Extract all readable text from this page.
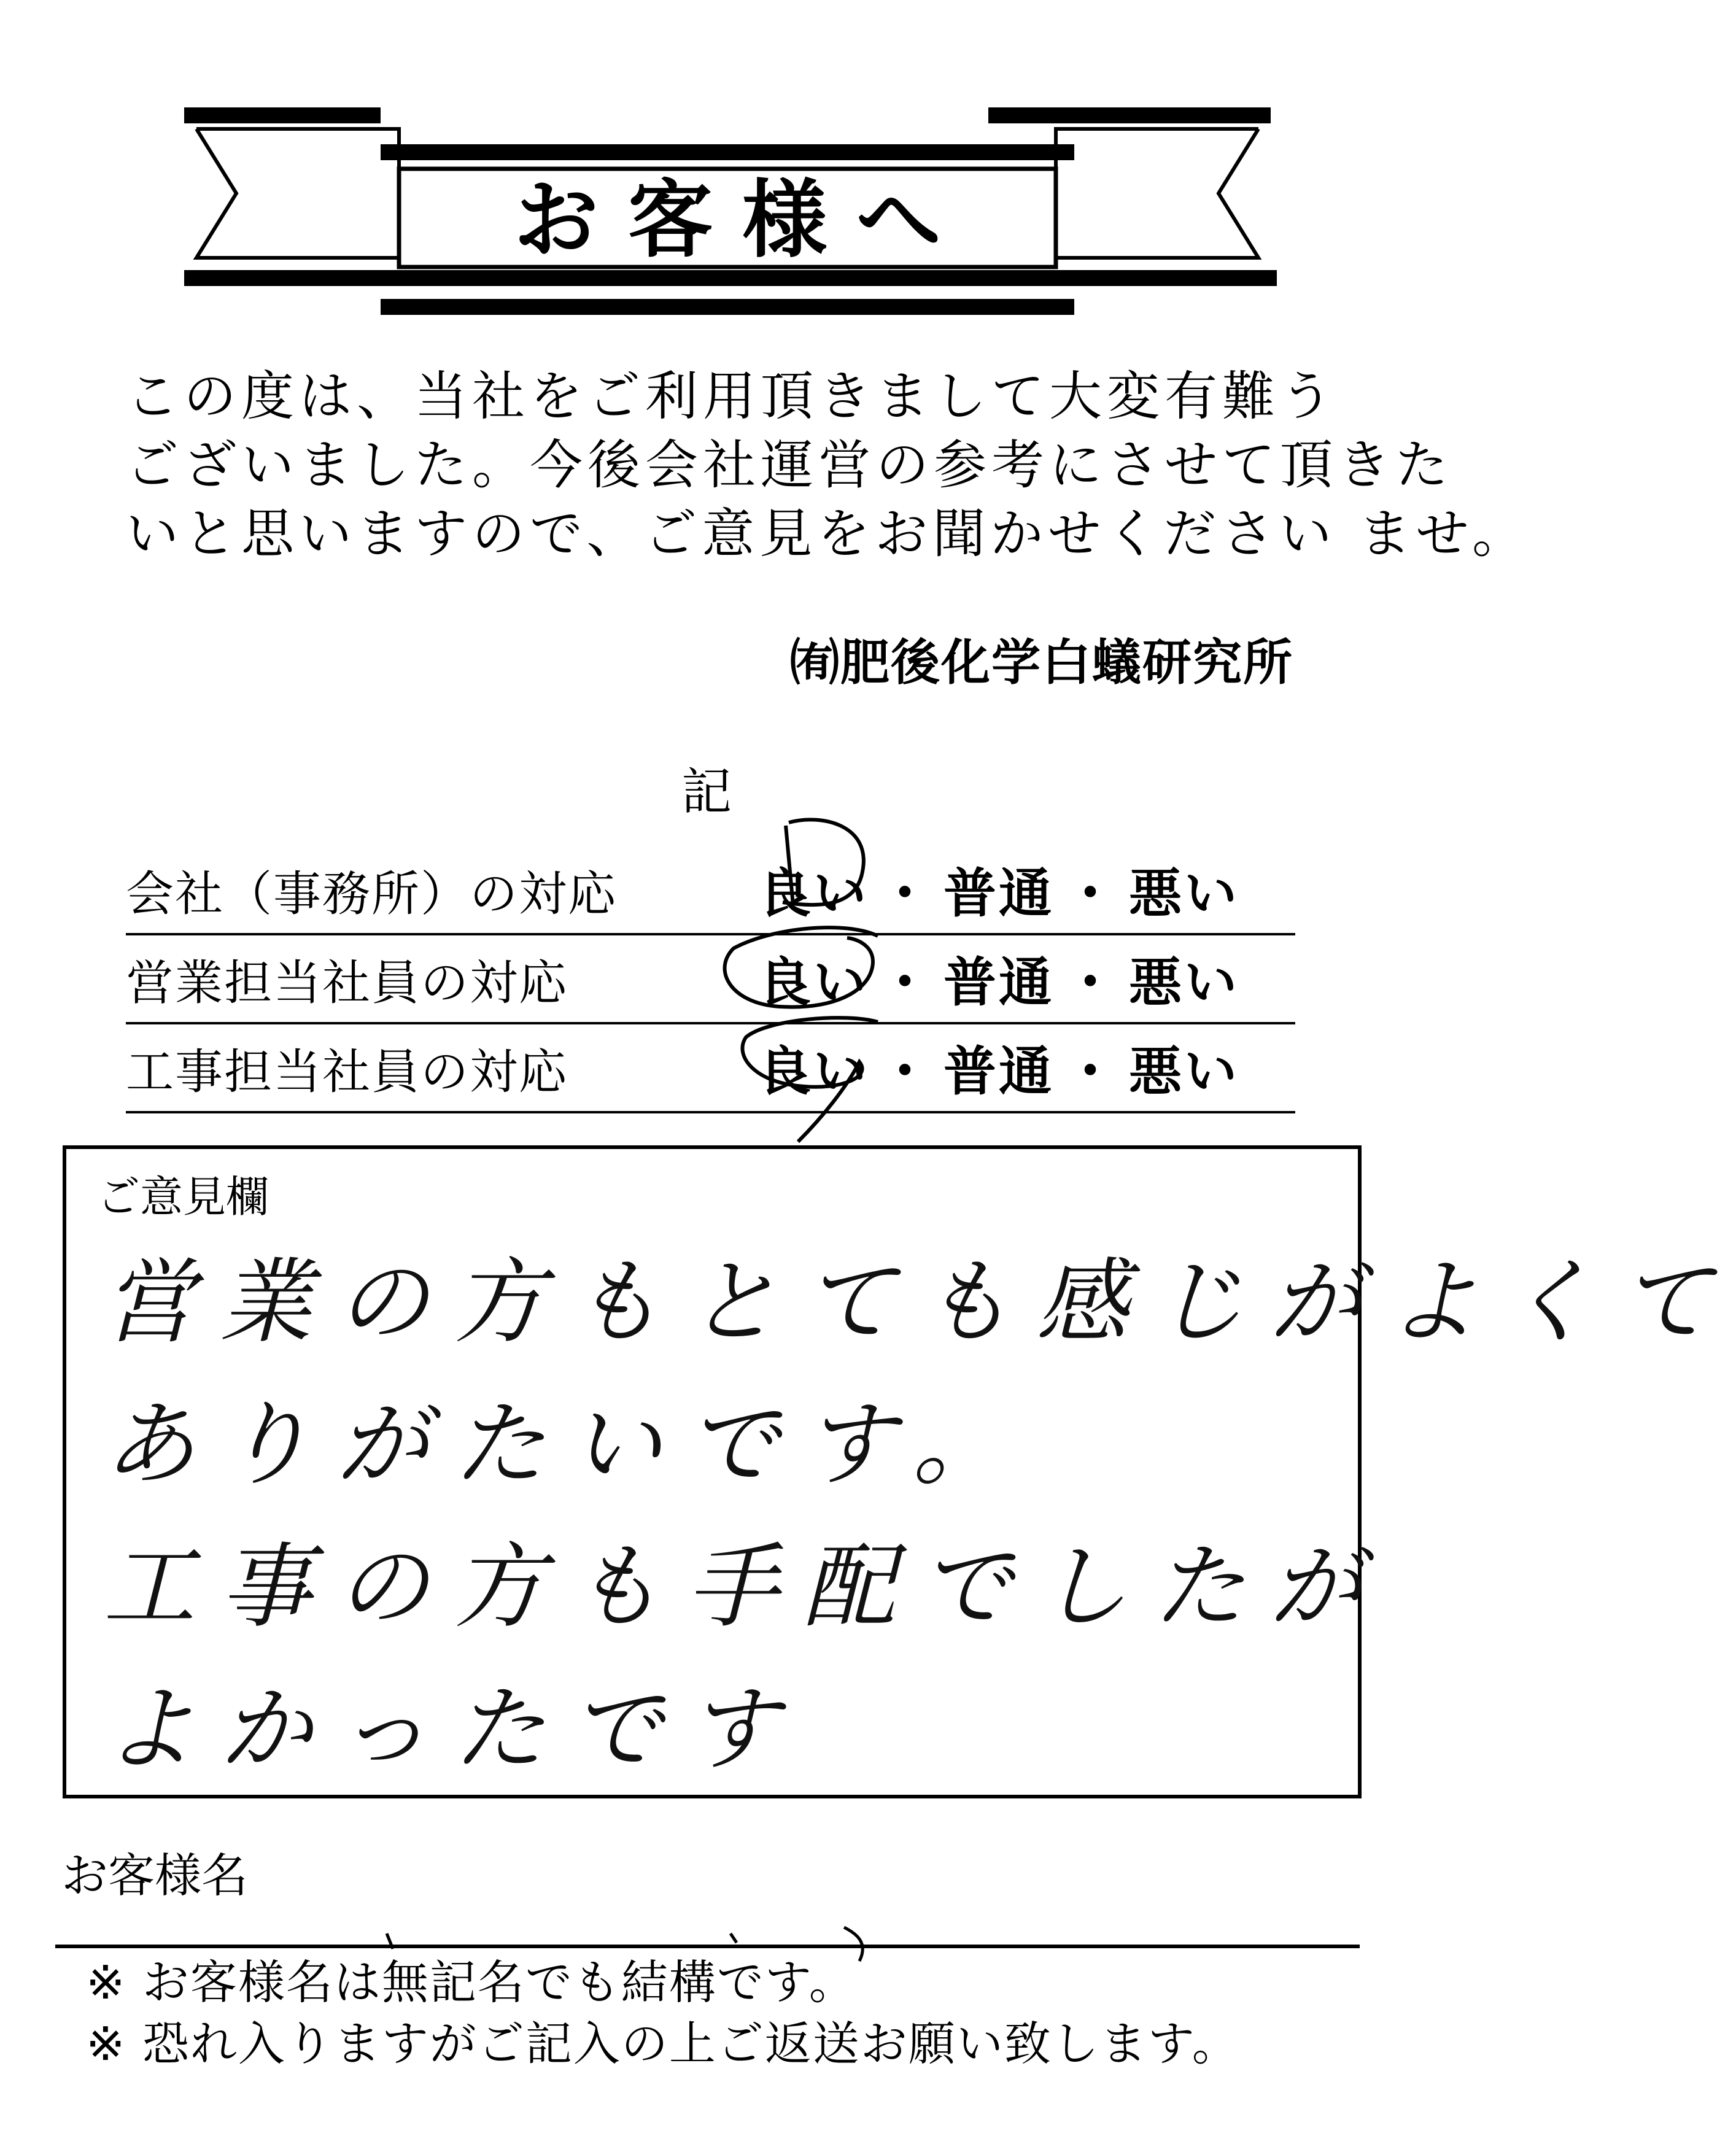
お客様へ
この度は、当社をご利用頂きまして大変有難う
ございました。今後会社運営の参考にさせて頂きた
いと思いますので、ご意見をお聞かせください ませ。
㈲肥後化学白蟻研究所
記
会社（事務所）の対応	良い ・ 普通 ・ 悪い
営業担当社員の対応	良い ・ 普通 ・ 悪い
工事担当社員の対応	良い ・ 普通 ・ 悪い
ご意見欄
営業の方もとても感じがよくて
ありがたいです。
工事の方も手配でしたが
よかったです
お客様名
※ お客様名は無記名でも結構です。
※ 恐れ入りますがご記入の上ご返送お願い致します。
